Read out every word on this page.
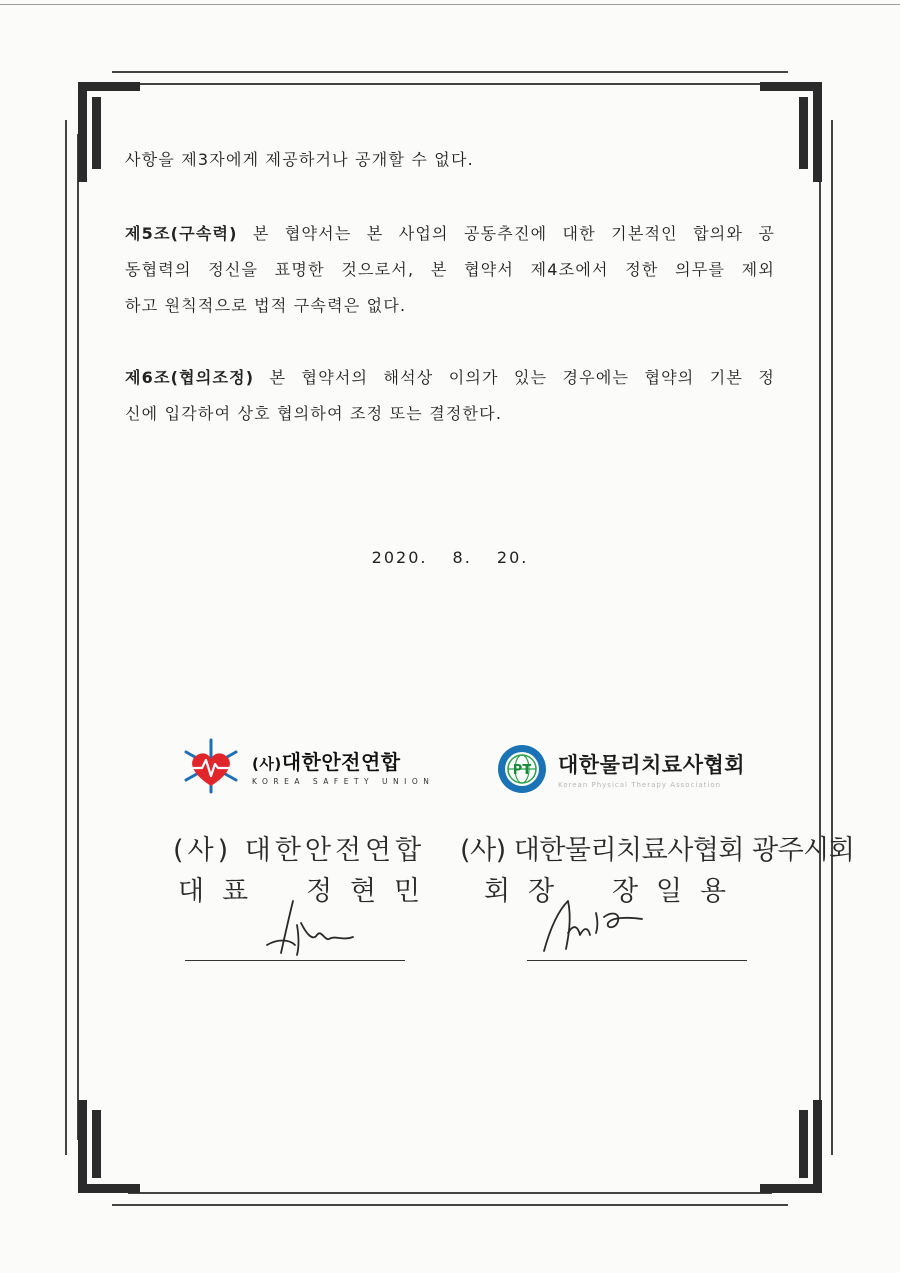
사항을 제3자에게 제공하거나 공개할 수 없다.
제5조(구속력) 본 협약서는 본 사업의 공동추진에 대한 기본적인 합의와 공
동협력의 정신을 표명한 것으로서, 본 협약서 제4조에서 정한 의무를 제외
하고 원칙적으로 법적 구속력은 없다.
제6조(협의조정) 본 협약서의 해석상 이의가 있는 경우에는 협약의 기본 정
신에 입각하여 상호 협의하여 조정 또는 결정한다.
2020. 8. 20.
(사)대한안전연합
KOREA SAFETY UNION
PT 대한물리치료사협회
Korean Physical Therapy Association
(사) 대한안전연합 (사) 대한물리치료사협회 광주시회
대 표 정 현 민 회 장 장 일 용
